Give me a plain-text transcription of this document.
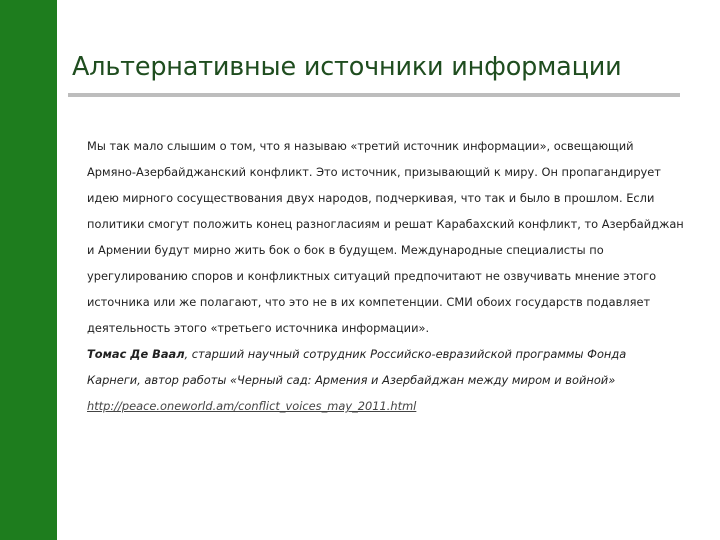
Альтернативные источники информации

Мы так мало слышим о том, что я называю «третий источник информации», освещающий
Армяно-Азербайджанский конфликт. Это источник, призывающий к миру. Он пропагандирует
идею мирного сосуществования двух народов, подчеркивая, что так и было в прошлом. Если
политики смогут положить конец разногласиям и решат Карабахский конфликт, то Азербайджан
и Армении будут мирно жить бок о бок в будущем. Международные специалисты по
урегулированию споров и конфликтных ситуаций предпочитают не озвучивать мнение этого
источника или же полагают, что это не в их компетенции. СМИ обоих государств подавляет
деятельность этого «третьего источника информации».

Томас Де Ваал, старший научный сотрудник Российско-евразийской программы Фонда
Карнеги, автор работы «Черный сад: Армения и Азербайджан между миром и войной»

http://peace.oneworld.am/conflict_voices_may_2011.html
